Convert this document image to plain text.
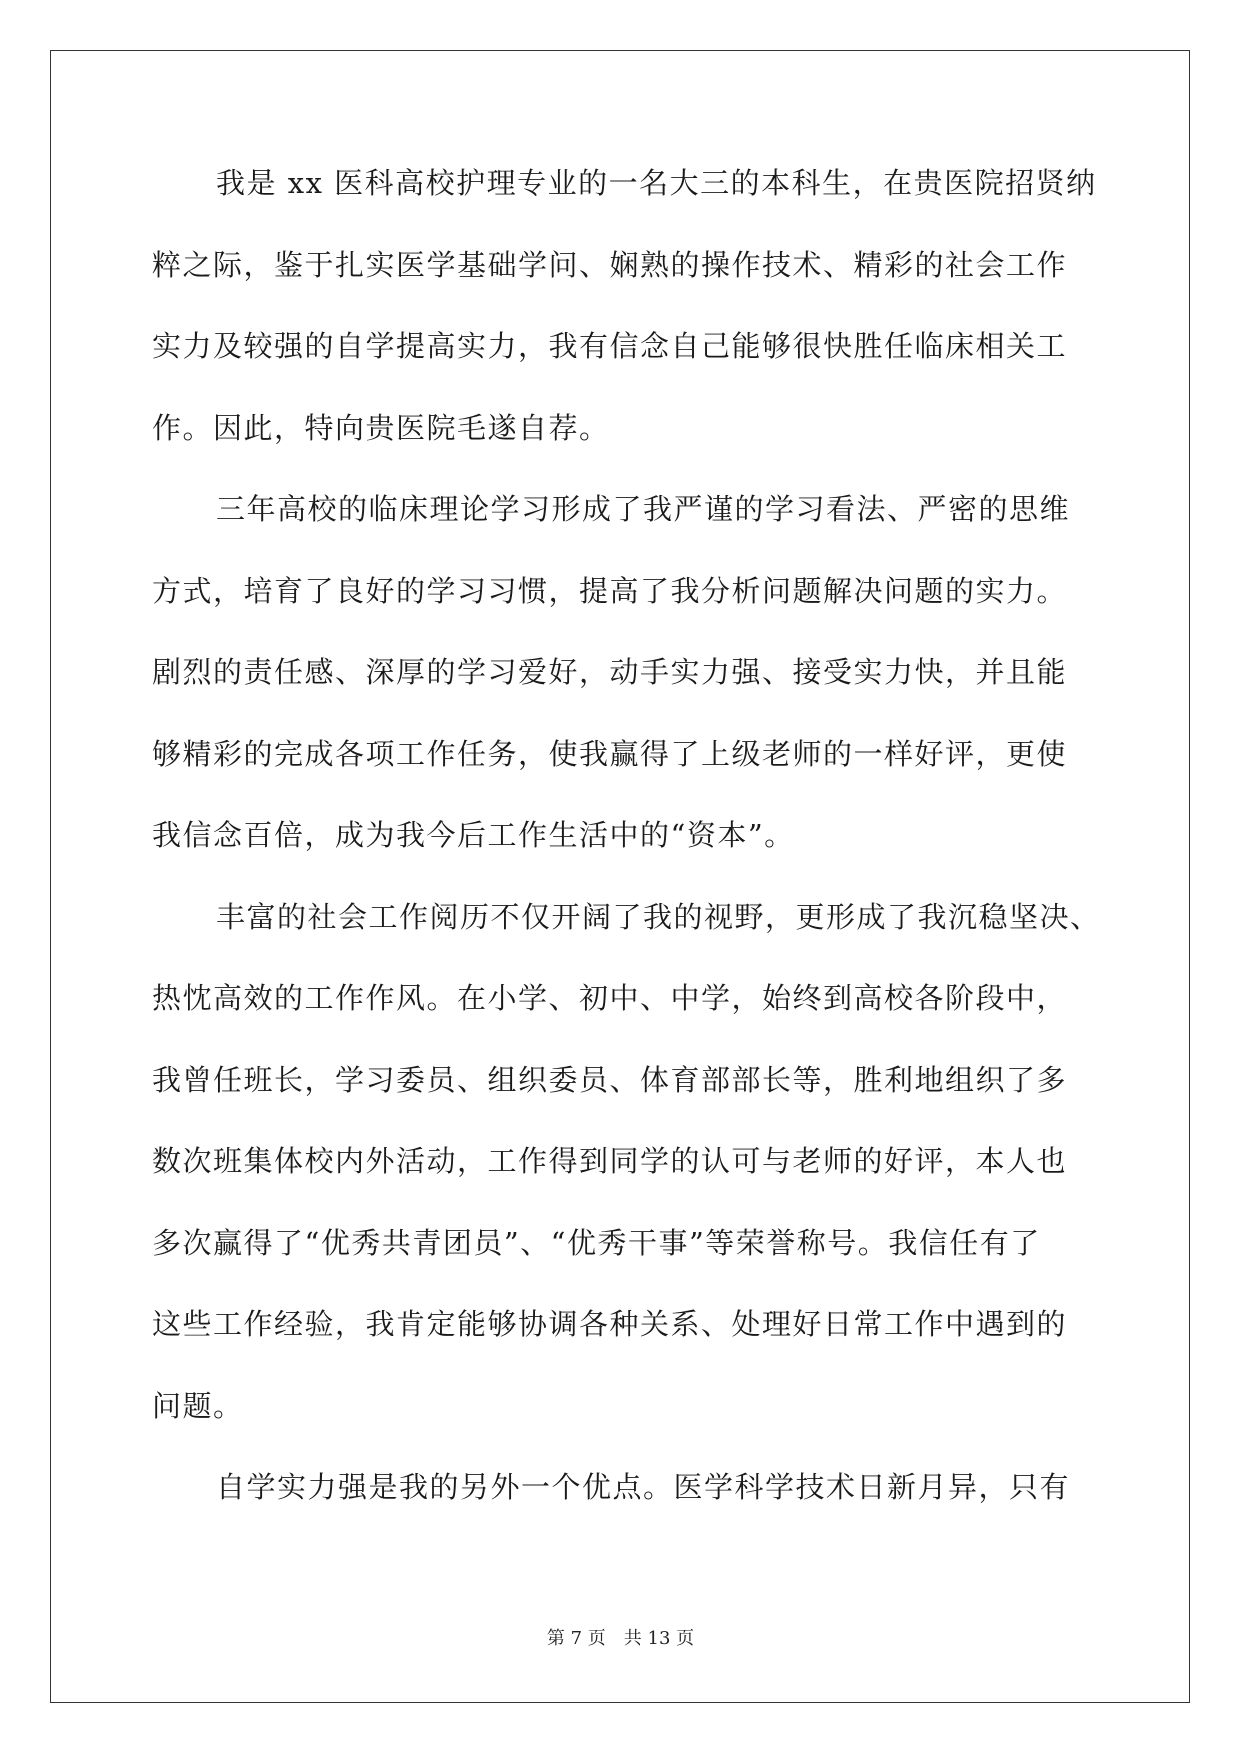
我是 xx 医科高校护理专业的一名大三的本科生，在贵医院招贤纳
粹之际，鉴于扎实医学基础学问、娴熟的操作技术、精彩的社会工作
实力及较强的自学提高实力，我有信念自己能够很快胜任临床相关工
作。因此，特向贵医院毛遂自荐。
三年高校的临床理论学习形成了我严谨的学习看法、严密的思维
方式，培育了良好的学习习惯，提高了我分析问题解决问题的实力。
剧烈的责任感、深厚的学习爱好，动手实力强、接受实力快，并且能
够精彩的完成各项工作任务，使我赢得了上级老师的一样好评，更使
我信念百倍，成为我今后工作生活中的“资本”。
丰富的社会工作阅历不仅开阔了我的视野，更形成了我沉稳坚决、
热忱高效的工作作风。在小学、初中、中学，始终到高校各阶段中，
我曾任班长，学习委员、组织委员、体育部部长等，胜利地组织了多
数次班集体校内外活动，工作得到同学的认可与老师的好评，本人也
多次赢得了“优秀共青团员”、“优秀干事”等荣誉称号。我信任有了
这些工作经验，我肯定能够协调各种关系、处理好日常工作中遇到的
问题。
自学实力强是我的另外一个优点。医学科学技术日新月异，只有
第 7 页　共 13 页
